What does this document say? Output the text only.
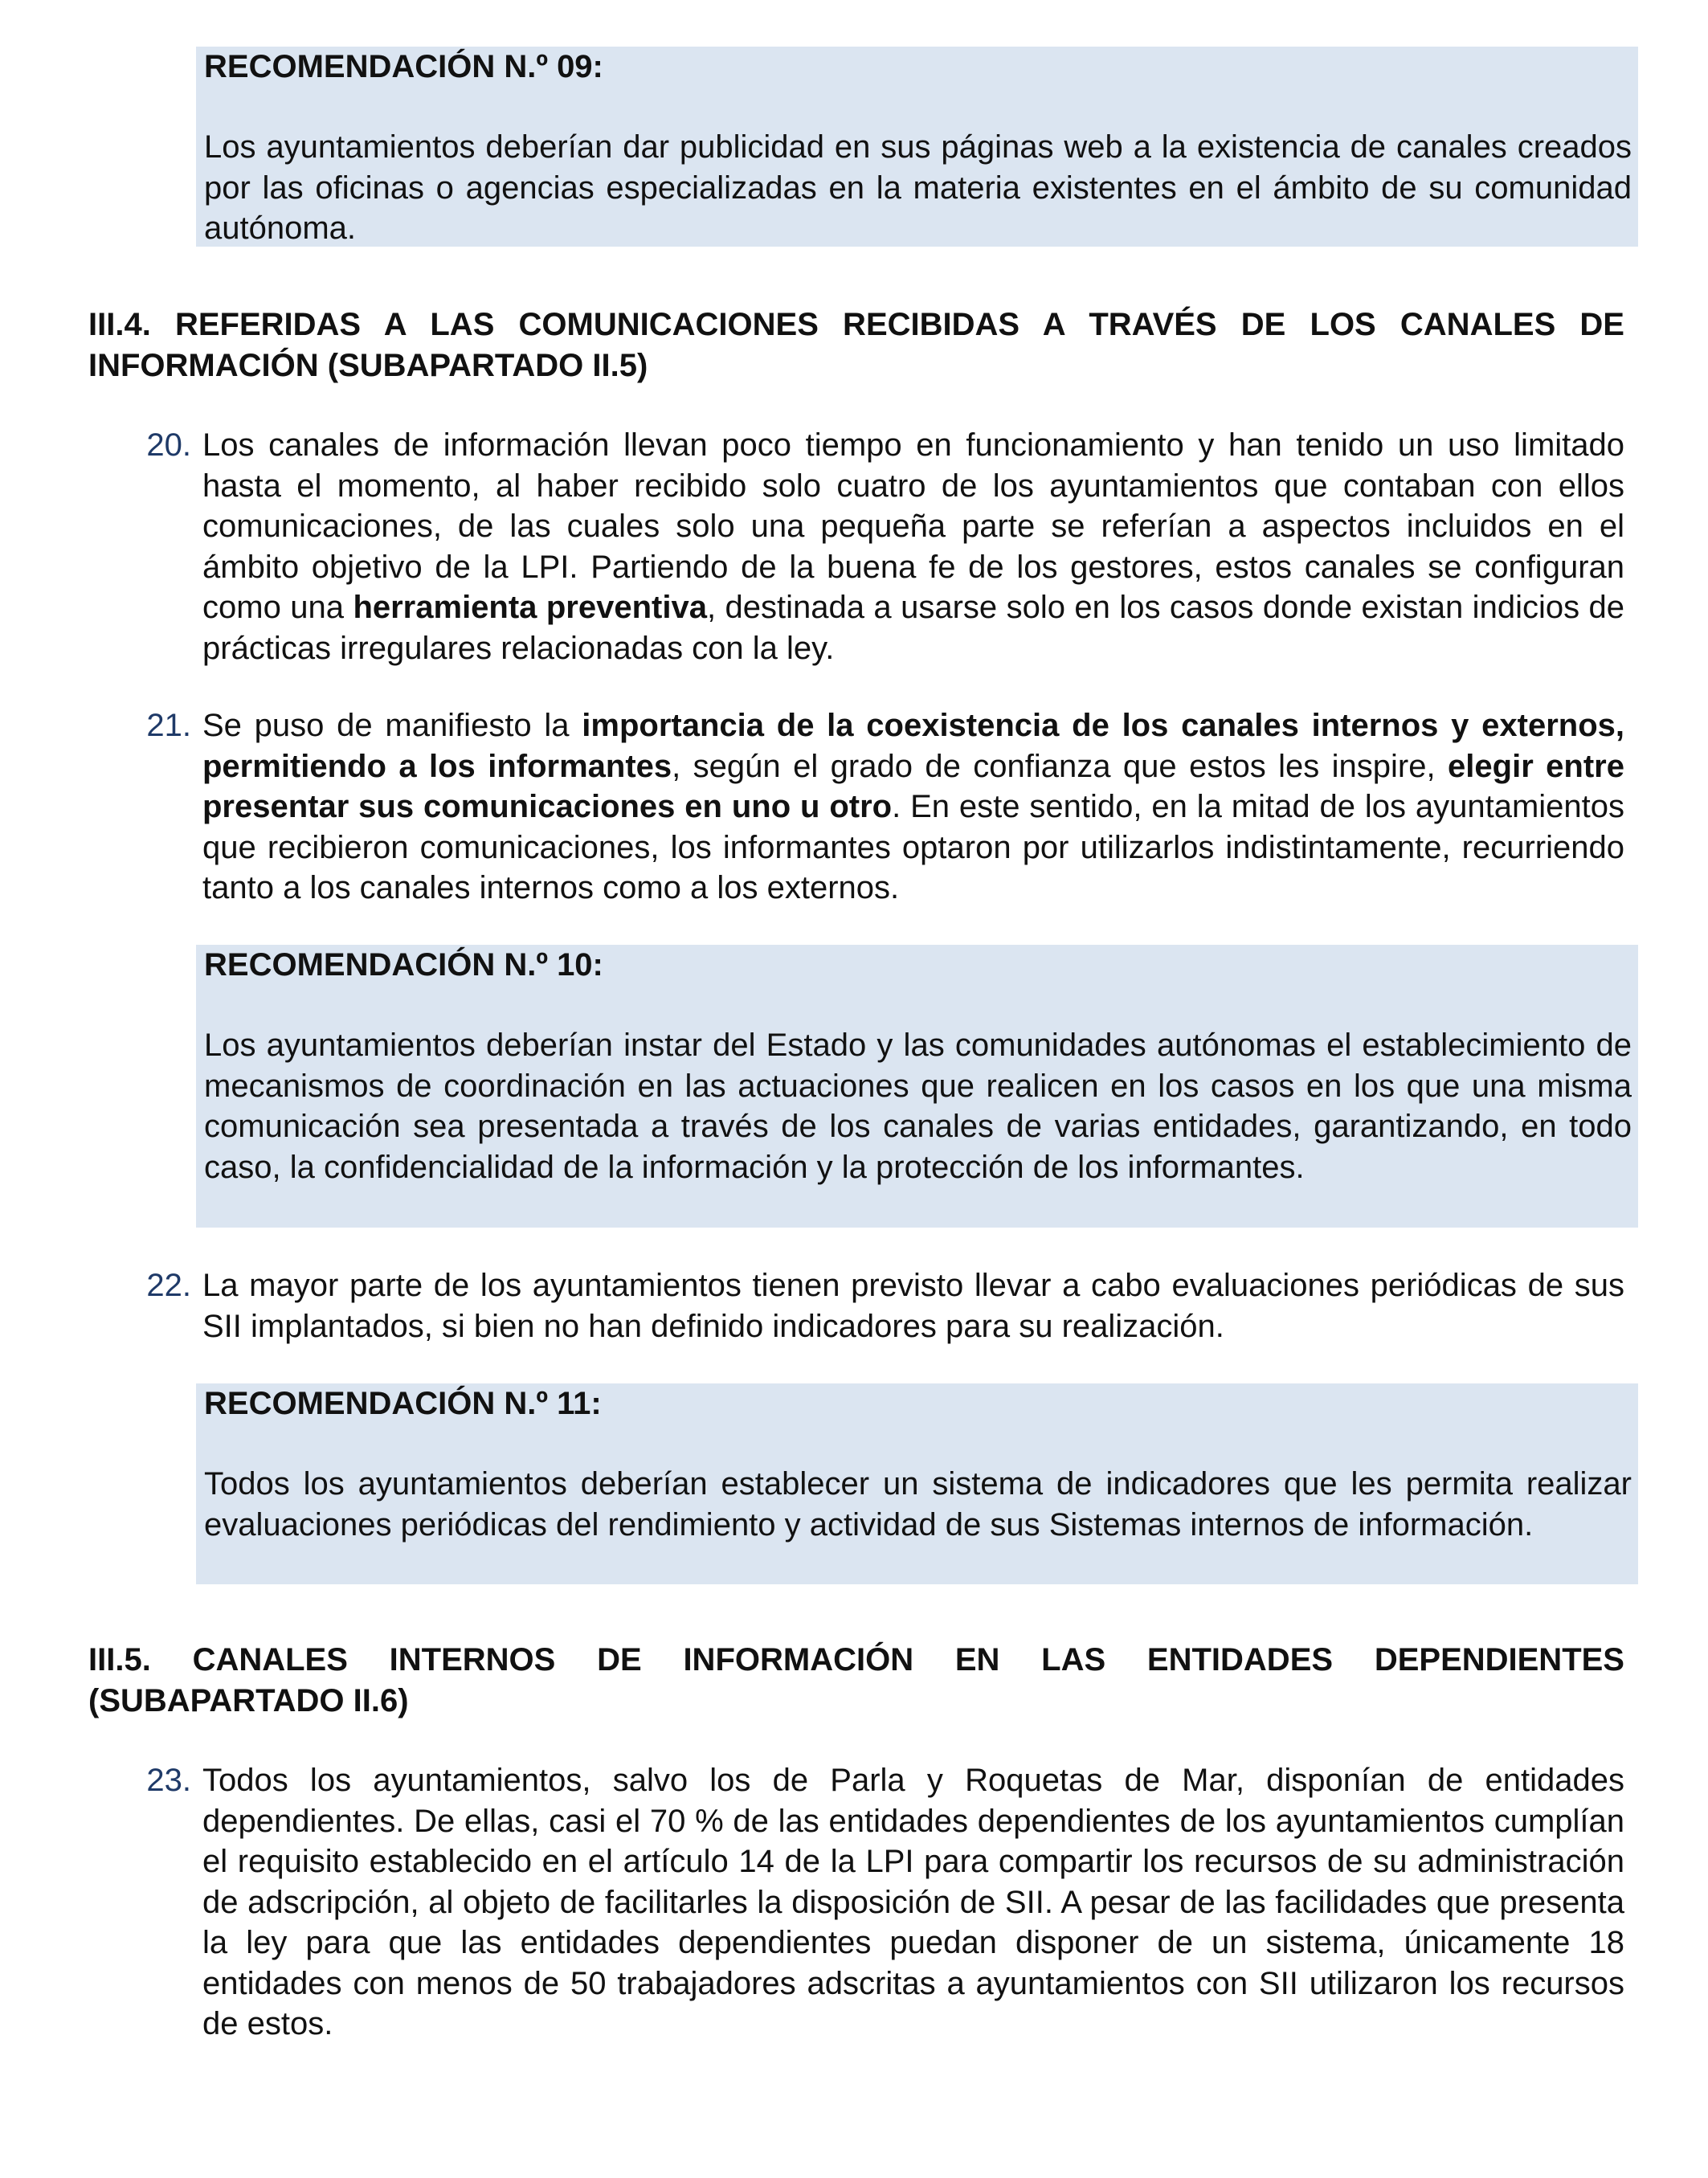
RECOMENDACIÓN N.º 09:

Los ayuntamientos deberían dar publicidad en sus páginas web a la existencia de canales creados por las oficinas o agencias especializadas en la materia existentes en el ámbito de su comunidad autónoma.

III.4. REFERIDAS A LAS COMUNICACIONES RECIBIDAS A TRAVÉS DE LOS CANALES DE
INFORMACIÓN (SUBAPARTADO II.5)
20. Los canales de información llevan poco tiempo en funcionamiento y han tenido un uso limitado hasta el momento, al haber recibido solo cuatro de los ayuntamientos que contaban con ellos comunicaciones, de las cuales solo una pequeña parte se referían a aspectos incluidos en el ámbito objetivo de la LPI. Partiendo de la buena fe de los gestores, estos canales se configuran como una herramienta preventiva, destinada a usarse solo en los casos donde existan indicios de prácticas irregulares relacionadas con la ley.

21. Se puso de manifiesto la importancia de la coexistencia de los canales internos y externos, permitiendo a los informantes, según el grado de confianza que estos les inspire, elegir entre presentar sus comunicaciones en uno u otro. En este sentido, en la mitad de los ayuntamientos que recibieron comunicaciones, los informantes optaron por utilizarlos indistintamente, recurriendo tanto a los canales internos como a los externos.

RECOMENDACIÓN N.º 10:

Los ayuntamientos deberían instar del Estado y las comunidades autónomas el establecimiento de mecanismos de coordinación en las actuaciones que realicen en los casos en los que una misma comunicación sea presentada a través de los canales de varias entidades, garantizando, en todo caso, la confidencialidad de la información y la protección de los informantes.

22. La mayor parte de los ayuntamientos tienen previsto llevar a cabo evaluaciones periódicas de sus SII implantados, si bien no han definido indicadores para su realización.

RECOMENDACIÓN N.º 11:

Todos los ayuntamientos deberían establecer un sistema de indicadores que les permita realizar evaluaciones periódicas del rendimiento y actividad de sus Sistemas internos de información.

III.5. CANALES INTERNOS DE INFORMACIÓN EN LAS ENTIDADES DEPENDIENTES
(SUBAPARTADO II.6)
23. Todos los ayuntamientos, salvo los de Parla y Roquetas de Mar, disponían de entidades dependientes. De ellas, casi el 70 % de las entidades dependientes de los ayuntamientos cumplían el requisito establecido en el artículo 14 de la LPI para compartir los recursos de su administración de adscripción, al objeto de facilitarles la disposición de SII. A pesar de las facilidades que presenta la ley para que las entidades dependientes puedan disponer de un sistema, únicamente 18 entidades con menos de 50 trabajadores adscritas a ayuntamientos con SII utilizaron los recursos de estos.
